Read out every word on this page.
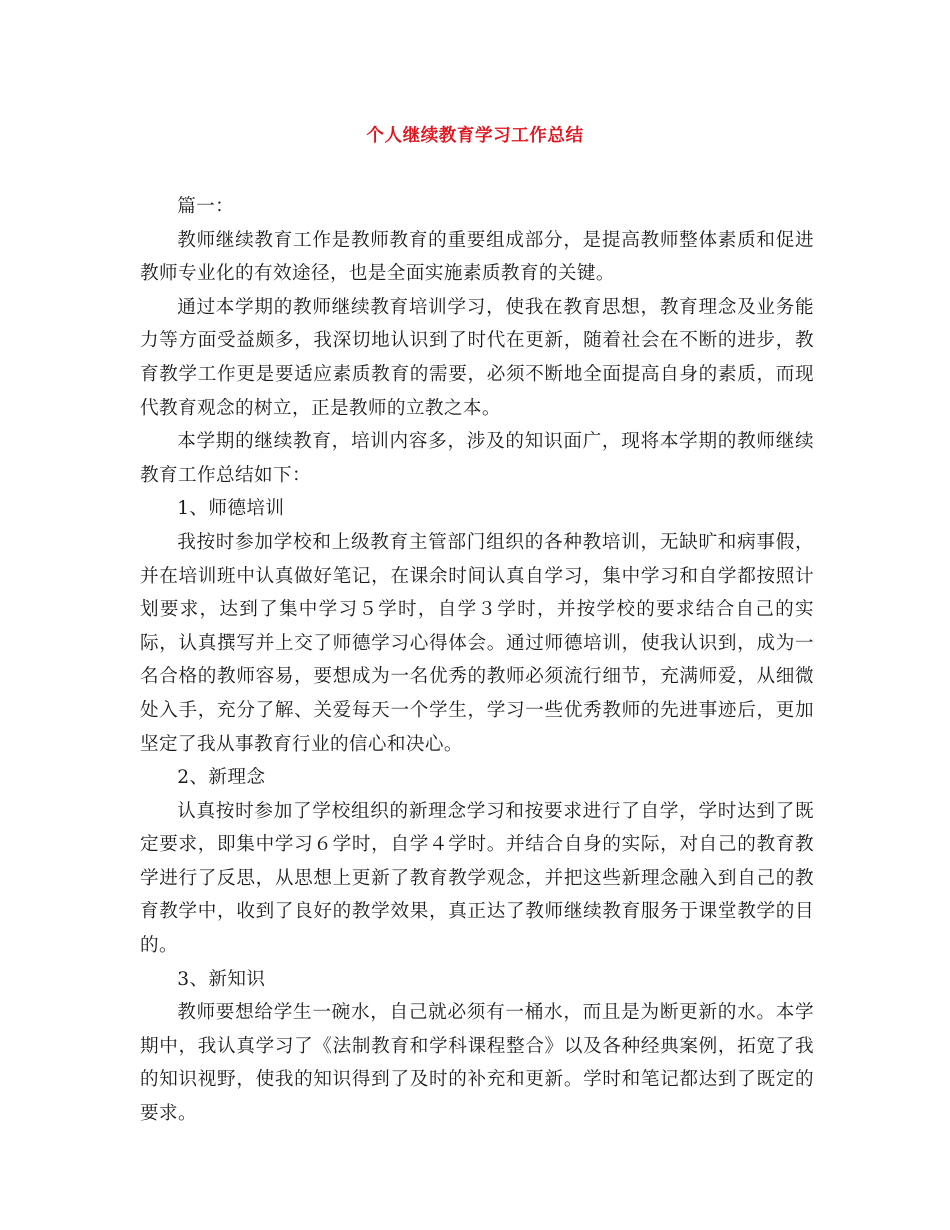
个人继续教育学习工作总结

篇一：

教师继续教育工作是教师教育的重要组成部分，是提高教师整体素质和促进教师专业化的有效途径，也是全面实施素质教育的关键。

通过本学期的教师继续教育培训学习，使我在教育思想，教育理念及业务能力等方面受益颇多，我深切地认识到了时代在更新，随着社会在不断的进步，教育教学工作更是要适应素质教育的需要，必须不断地全面提高自身的素质，而现代教育观念的树立，正是教师的立教之本。

本学期的继续教育，培训内容多，涉及的知识面广，现将本学期的教师继续教育工作总结如下：

1、师德培训

我按时参加学校和上级教育主管部门组织的各种教培训，无缺旷和病事假，并在培训班中认真做好笔记，在课余时间认真自学习，集中学习和自学都按照计划要求，达到了集中学习５学时，自学３学时，并按学校的要求结合自己的实际，认真撰写并上交了师德学习心得体会。通过师德培训，使我认识到，成为一名合格的教师容易，要想成为一名优秀的教师必须流行细节，充满师爱，从细微处入手，充分了解、关爱每天一个学生，学习一些优秀教师的先进事迹后，更加坚定了我从事教育行业的信心和决心。

2、新理念

认真按时参加了学校组织的新理念学习和按要求进行了自学，学时达到了既定要求，即集中学习６学时，自学４学时。并结合自身的实际，对自己的教育教学进行了反思，从思想上更新了教育教学观念，并把这些新理念融入到自己的教育教学中，收到了良好的教学效果，真正达了教师继续教育服务于课堂教学的目的。

3、新知识

教师要想给学生一碗水，自己就必须有一桶水，而且是为断更新的水。本学期中，我认真学习了《法制教育和学科课程整合》以及各种经典案例，拓宽了我的知识视野，使我的知识得到了及时的补充和更新。学时和笔记都达到了既定的要求。
